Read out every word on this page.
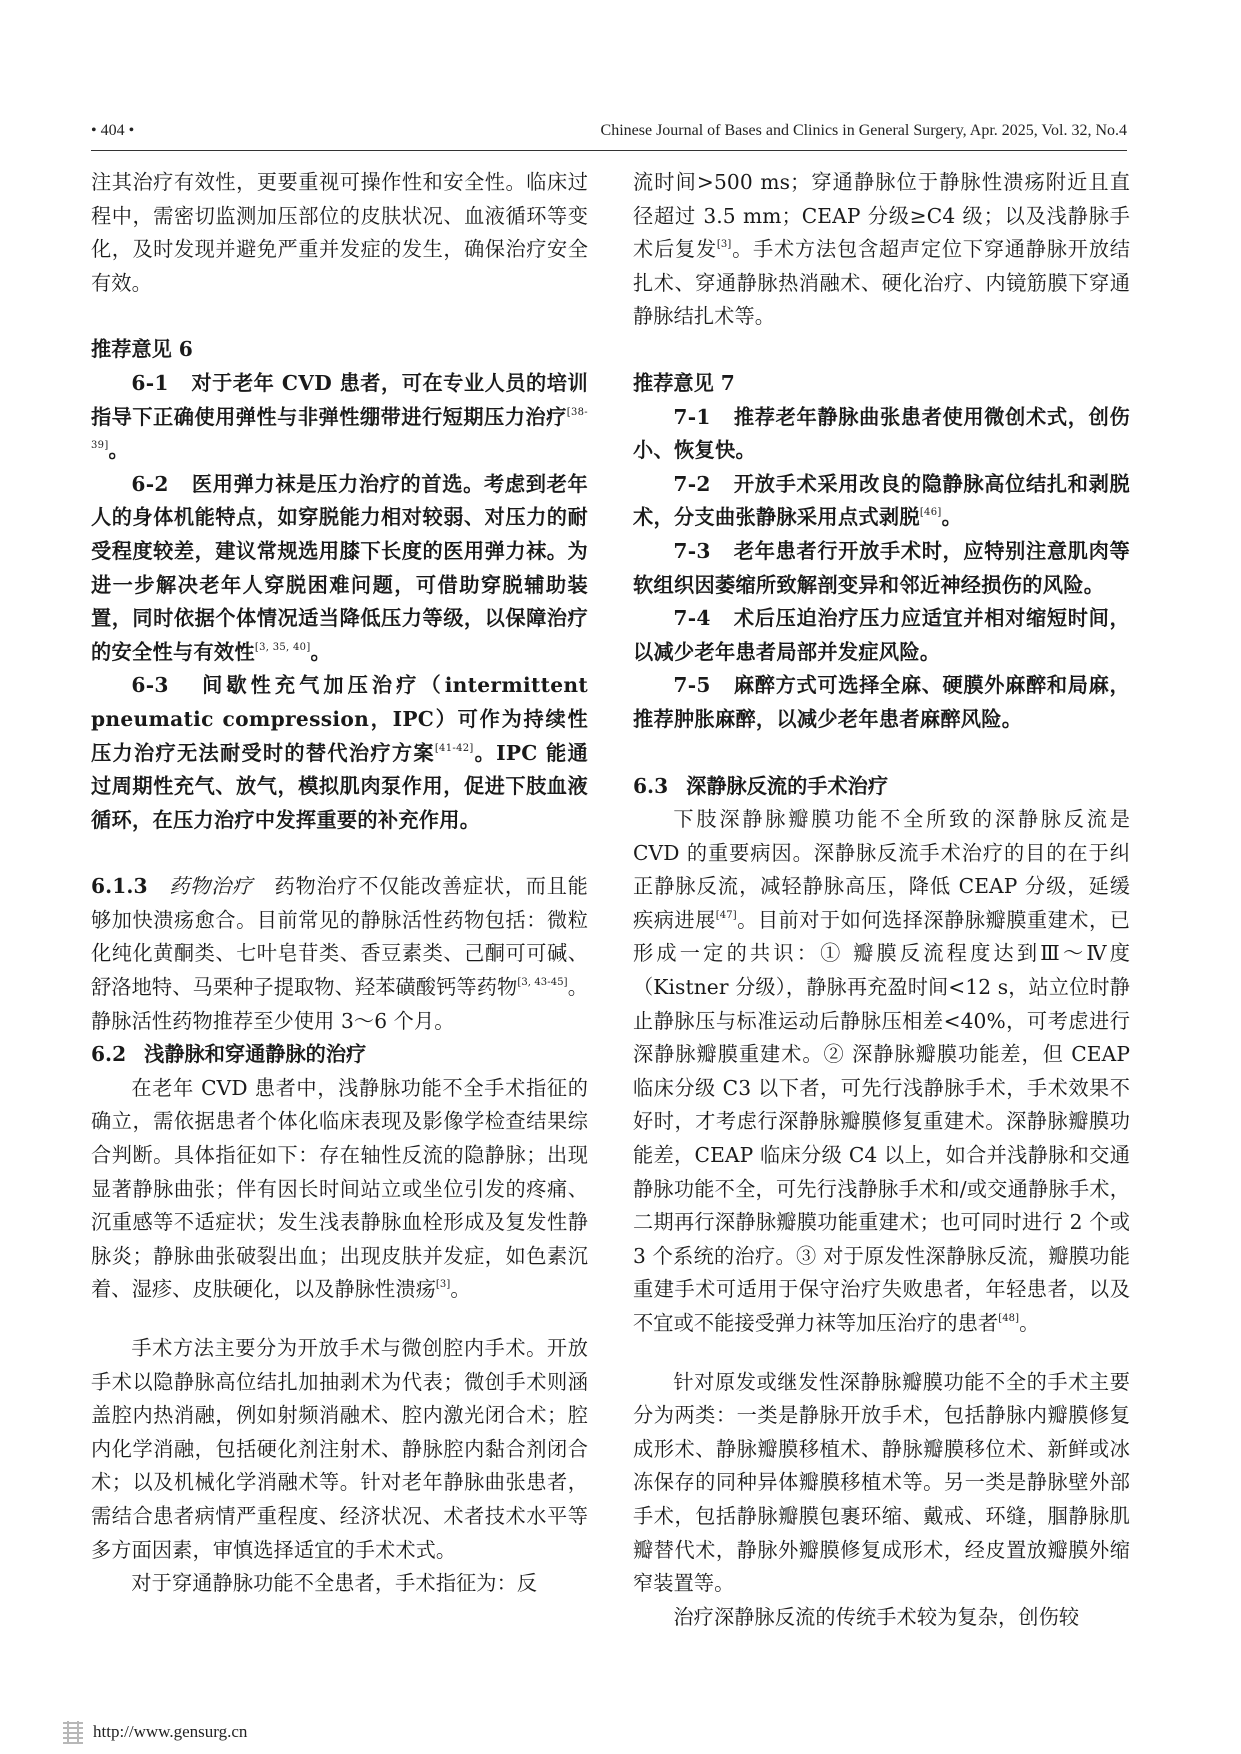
• 404 •	Chinese Journal of Bases and Clinics in General Surgery, Apr. 2025, Vol. 32, No.4

注其治疗有效性，更要重视可操作性和安全性。临床过程中，需密切监测加压部位的皮肤状况、血液循环等变化，及时发现并避免严重并发症的发生，确保治疗安全有效。

推荐意见 6

6-1 对于老年 CVD 患者，可在专业人员的培训指导下正确使用弹性与非弹性绷带进行短期压力治疗[38-39]。

6-2 医用弹力袜是压力治疗的首选。考虑到老年人的身体机能特点，如穿脱能力相对较弱、对压力的耐受程度较差，建议常规选用膝下长度的医用弹力袜。为进一步解决老年人穿脱困难问题，可借助穿脱辅助装置，同时依据个体情况适当降低压力等级，以保障治疗的安全性与有效性[3, 35, 40]。

6-3 间歇性充气加压治疗（intermittent pneumatic compression，IPC）可作为持续性压力治疗无法耐受时的替代治疗方案[41-42]。IPC 能通过周期性充气、放气，模拟肌肉泵作用，促进下肢血液循环，在压力治疗中发挥重要的补充作用。

6.1.3 药物治疗 药物治疗不仅能改善症状，而且能够加快溃疡愈合。目前常见的静脉活性药物包括：微粒化纯化黄酮类、七叶皂苷类、香豆素类、己酮可可碱、舒洛地特、马栗种子提取物、羟苯磺酸钙等药物[3, 43-45]。静脉活性药物推荐至少使用 3～6 个月。

6.2 浅静脉和穿通静脉的治疗

在老年 CVD 患者中，浅静脉功能不全手术指征的确立，需依据患者个体化临床表现及影像学检查结果综合判断。具体指征如下：存在轴性反流的隐静脉；出现显著静脉曲张；伴有因长时间站立或坐位引发的疼痛、沉重感等不适症状；发生浅表静脉血栓形成及复发性静脉炎；静脉曲张破裂出血；出现皮肤并发症，如色素沉着、湿疹、皮肤硬化，以及静脉性溃疡[3]。

手术方法主要分为开放手术与微创腔内手术。开放手术以隐静脉高位结扎加抽剥术为代表；微创手术则涵盖腔内热消融，例如射频消融术、腔内激光闭合术；腔内化学消融，包括硬化剂注射术、静脉腔内黏合剂闭合术；以及机械化学消融术等。针对老年静脉曲张患者，需结合患者病情严重程度、经济状况、术者技术水平等多方面因素，审慎选择适宜的手术术式。

对于穿通静脉功能不全患者，手术指征为：反

流时间>500 ms；穿通静脉位于静脉性溃疡附近且直径超过 3.5 mm；CEAP 分级≥C4 级；以及浅静脉手术后复发[3]。手术方法包含超声定位下穿通静脉开放结扎术、穿通静脉热消融术、硬化治疗、内镜筋膜下穿通静脉结扎术等。

推荐意见 7

7-1 推荐老年静脉曲张患者使用微创术式，创伤小、恢复快。

7-2 开放手术采用改良的隐静脉高位结扎和剥脱术，分支曲张静脉采用点式剥脱[46]。

7-3 老年患者行开放手术时，应特别注意肌肉等软组织因萎缩所致解剖变异和邻近神经损伤的风险。

7-4 术后压迫治疗压力应适宜并相对缩短时间，以减少老年患者局部并发症风险。

7-5 麻醉方式可选择全麻、硬膜外麻醉和局麻，推荐肿胀麻醉，以减少老年患者麻醉风险。

6.3 深静脉反流的手术治疗

下肢深静脉瓣膜功能不全所致的深静脉反流是 CVD 的重要病因。深静脉反流手术治疗的目的在于纠正静脉反流，减轻静脉高压，降低 CEAP 分级，延缓疾病进展[47]。目前对于如何选择深静脉瓣膜重建术，已形成一定的共识：① 瓣膜反流程度达到Ⅲ～Ⅳ度（Kistner 分级），静脉再充盈时间<12 s，站立位时静止静脉压与标准运动后静脉压相差<40%，可考虑进行深静脉瓣膜重建术。② 深静脉瓣膜功能差，但 CEAP 临床分级 C3 以下者，可先行浅静脉手术，手术效果不好时，才考虑行深静脉瓣膜修复重建术。深静脉瓣膜功能差，CEAP 临床分级 C4 以上，如合并浅静脉和交通静脉功能不全，可先行浅静脉手术和/或交通静脉手术，二期再行深静脉瓣膜功能重建术；也可同时进行 2 个或 3 个系统的治疗。③ 对于原发性深静脉反流，瓣膜功能重建手术可适用于保守治疗失败患者，年轻患者，以及不宜或不能接受弹力袜等加压治疗的患者[48]。

针对原发或继发性深静脉瓣膜功能不全的手术主要分为两类：一类是静脉开放手术，包括静脉内瓣膜修复成形术、静脉瓣膜移植术、静脉瓣膜移位术、新鲜或冰冻保存的同种异体瓣膜移植术等。另一类是静脉壁外部手术，包括静脉瓣膜包裹环缩、戴戒、环缝，腘静脉肌瓣替代术，静脉外瓣膜修复成形术，经皮置放瓣膜外缩窄装置等。

治疗深静脉反流的传统手术较为复杂，创伤较

http://www.gensurg.cn
